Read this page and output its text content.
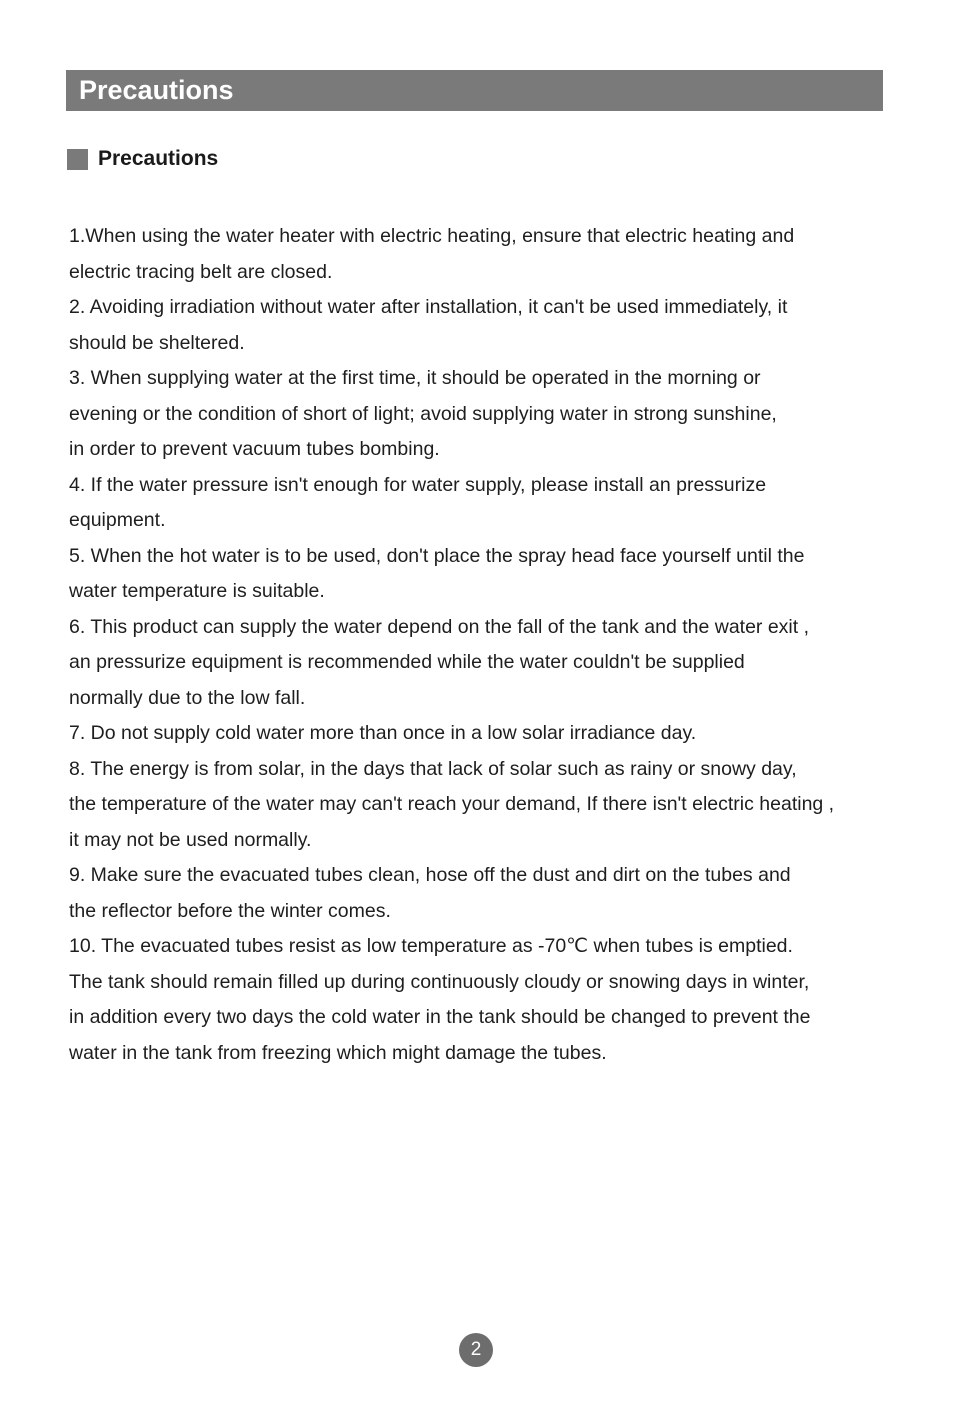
Precautions
Precautions
1.When using the water heater with electric heating, ensure that electric heating and
electric tracing belt are closed.
2. Avoiding irradiation without water after installation, it can't be used immediately, it
should be sheltered.
3. When supplying water at the first time, it should be operated in the morning or
evening or the condition of short of light; avoid supplying water in strong sunshine,
in order to prevent vacuum tubes bombing.
4. If the water pressure isn't enough for water supply, please install an pressurize
equipment.
5. When the hot water is to be used, don't place the spray head face yourself until the
water temperature is suitable.
6. This product can supply the water depend on the fall of the tank and the water exit ,
an pressurize equipment is recommended while the water couldn't be supplied
normally due to the low fall.
7. Do not supply cold water more than once in a low solar irradiance day.
8. The energy is from solar, in the days that lack of solar such as rainy or snowy day,
the temperature of the water may can't reach your demand, If there isn't electric heating ,
it may not be used normally.
9. Make sure the evacuated tubes clean, hose off the dust and dirt on the tubes and
the reflector before the winter comes.
10. The evacuated tubes resist as low temperature as -70℃ when tubes is emptied.
The tank should remain filled up during continuously cloudy or snowing days in winter,
in addition every two days the cold water in the tank should be changed to prevent the
water in the tank from freezing which might damage the tubes.
2
